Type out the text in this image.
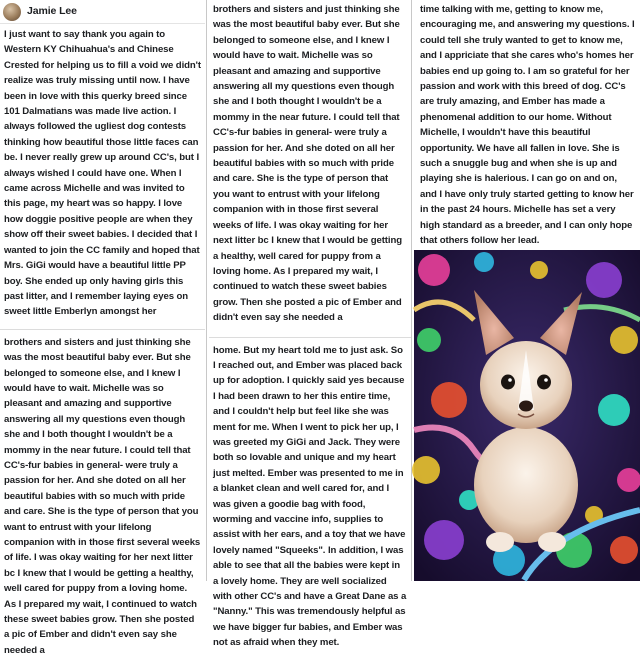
Jamie Lee

I just want to say thank you again to Western KY Chihuahua's and Chinese Crested for helping us to fill a void we didn't realize was truly missing until now. I have been in love with this querky breed since 101 Dalmatians was made live action. I always followed the ugliest dog contests thinking how beautiful those little faces can be. I never really grew up around CC's, but I always wished I could have one. When I came across Michelle and was invited to this page, my heart was so happy. I love how doggie positive people are when they show off their sweet babies. I decided that I wanted to join the CC family and hoped that Mrs. GiGi would have a beautiful little PP boy. She ended up only having girls this past litter, and I remember laying eyes on sweet little Emberlyn amongst her

brothers and sisters and just thinking she was the most beautiful baby ever. But she belonged to someone else, and I knew I would have to wait. Michelle was so pleasant and amazing and supportive answering all my questions even though she and I both thought I wouldn't be a mommy in the near future. I could tell that CC's-fur babies in general- were truly a passion for her. And she doted on all her beautiful babies with so much with pride and care. She is the type of person that you want to entrust with your lifelong companion with in those first several weeks of life. I was okay waiting for her next litter bc I knew that I would be getting a healthy, well cared for puppy from a loving home. As I prepared my wait, I continued to watch these sweet babies grow. Then she posted a pic of Ember and didn't even say she needed a

brothers and sisters and just thinking she was the most beautiful baby ever. But she belonged to someone else, and I knew I would have to wait. Michelle was so pleasant and amazing and supportive answering all my questions even though she and I both thought I wouldn't be a mommy in the near future. I could tell that CC's-fur babies in general- were truly a passion for her. And she doted on all her beautiful babies with so much with pride and care. She is the type of person that you want to entrust with your lifelong companion with in those first several weeks of life. I was okay waiting for her next litter bc I knew that I would be getting a healthy, well cared for puppy from a loving home. As I prepared my wait, I continued to watch these sweet babies grow. Then she posted a pic of Ember and didn't even say she needed a

home. But my heart told me to just ask. So I reached out, and Ember was placed back up for adoption. I quickly said yes because I had been drawn to her this entire time, and I couldn't help but feel like she was ment for me. When I went to pick her up, I was greeted my GiGi and Jack. They were both so lovable and unique and my heart just melted. Ember was presented to me in a blanket clean and well cared for, and I was given a goodie bag with food, worming and vaccine info, supplies to assist with her ears, and a toy that we have lovely named "Squeeks". In addition, I was able to see that all the babies were kept in a lovely home. They are well socialized with other CC's and have a Great Dane as a "Nanny." This was tremendously helpful as we have bigger fur babies, and Ember was not as afraid when they met.

time talking with me, getting to know me, encouraging me, and answering my questions. I could tell she truly wanted to get to know me, and I appriciate that she cares who's homes her babies end up going to. I am so grateful for her passion and work with this breed of dog. CC's are truly amazing, and Ember has made a phenomenal addition to our home. Without Michelle, I wouldn't have this beautiful opportunity. We have all fallen in love. She is such a snuggle bug and when she is up and playing she is halerious. I can go on and on, and I have only truly started getting to know her in the past 24 hours. Michelle has set a very high standard as a breeder, and I can only hope that others follow her lead.
